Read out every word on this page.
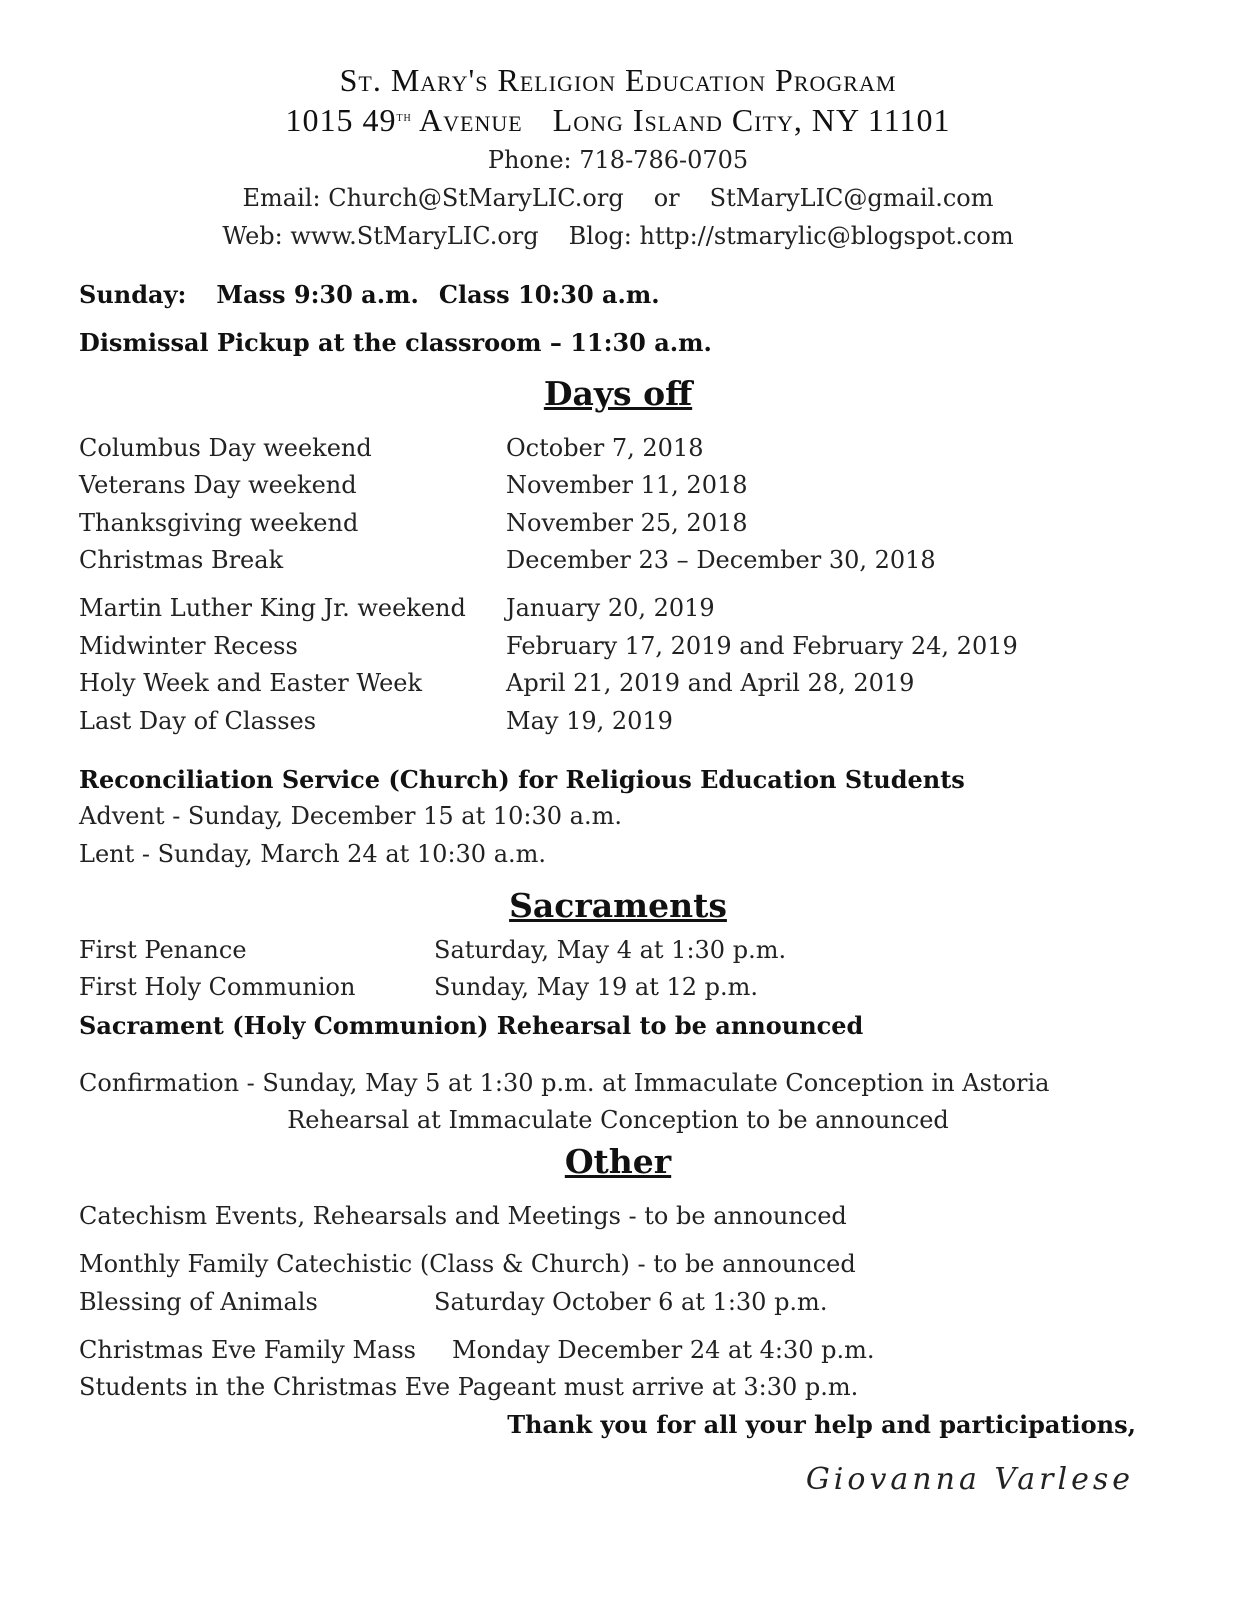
St. Mary's Religion Education Program
1015 49th Avenue Long Island City, NY 11101
Phone: 718-786-0705
Email: Church@StMaryLIC.org or StMaryLIC@gmail.com
Web: www.StMaryLIC.org Blog: http://stmarylic@blogspot.com
Sunday: Mass 9:30 a.m. Class 10:30 a.m.
Dismissal Pickup at the classroom – 11:30 a.m.
Days off
Columbus Day weekend	October 7, 2018
Veterans Day weekend	November 11, 2018
Thanksgiving weekend	November 25, 2018
Christmas Break	December 23 – December 30, 2018
Martin Luther King Jr. weekend January 20, 2019
Midwinter Recess	February 17, 2019 and February 24, 2019
Holy Week and Easter Week	April 21, 2019 and April 28, 2019
Last Day of Classes	May 19, 2019
Reconciliation Service (Church) for Religious Education Students
Advent - Sunday, December 15 at 10:30 a.m.
Lent - Sunday, March 24 at 10:30 a.m.
Sacraments
First Penance	Saturday, May 4 at 1:30 p.m.
First Holy Communion	Sunday, May 19 at 12 p.m.
Sacrament (Holy Communion) Rehearsal to be announced
Confirmation - Sunday, May 5 at 1:30 p.m. at Immaculate Conception in Astoria
Rehearsal at Immaculate Conception to be announced
Other
Catechism Events, Rehearsals and Meetings - to be announced
Monthly Family Catechistic (Class & Church) - to be announced
Blessing of Animals	Saturday October 6 at 1:30 p.m.
Christmas Eve Family Mass Monday December 24 at 4:30 p.m.
Students in the Christmas Eve Pageant must arrive at 3:30 p.m.
Thank you for all your help and participations,
Giovanna Varlese
